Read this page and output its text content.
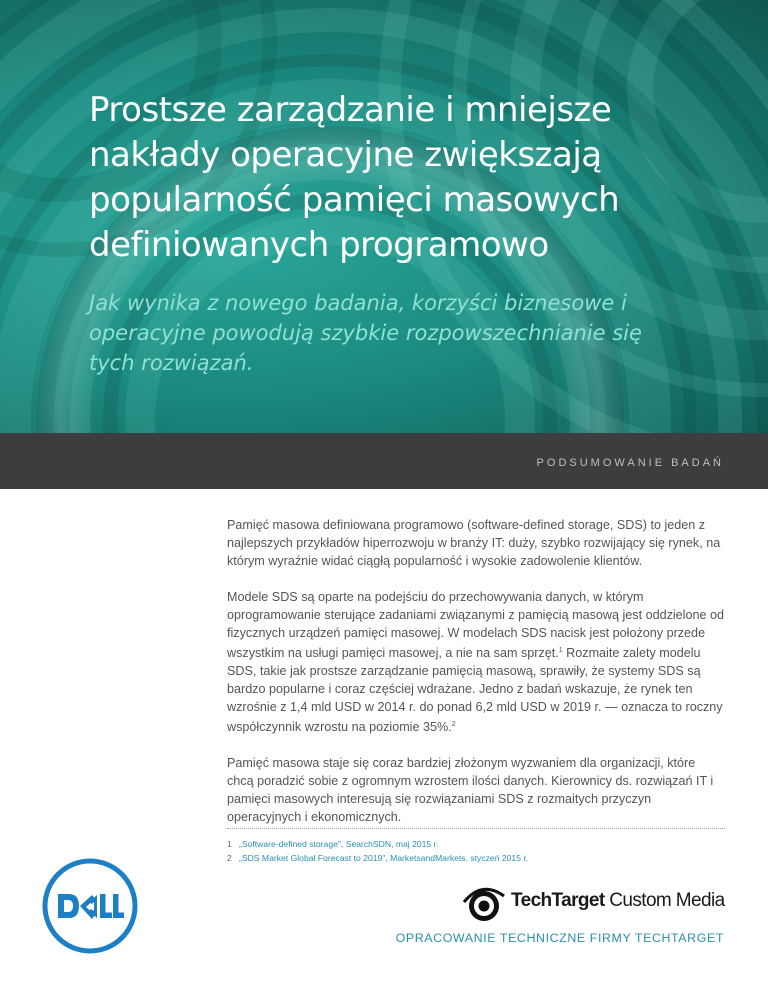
Prostsze zarządzanie i mniejsze nakłady operacyjne zwiększają popularność pamięci masowych definiowanych programowo

Jak wynika z nowego badania, korzyści biznesowe i operacyjne powodują szybkie rozpowszechnianie się tych rozwiązań.

PODSUMOWANIE BADAŃ

Pamięć masowa definiowana programowo (software-defined storage, SDS) to jeden z najlepszych przykładów hiperrozwoju w branży IT: duży, szybko rozwijający się rynek, na którym wyraźnie widać ciągłą popularność i wysokie zadowolenie klientów.

Modele SDS są oparte na podejściu do przechowywania danych, w którym oprogramowanie sterujące zadaniami związanymi z pamięcią masową jest oddzielone od fizycznych urządzeń pamięci masowej. W modelach SDS nacisk jest położony przede wszystkim na usługi pamięci masowej, a nie na sam sprzęt.$^1$ Rozmaite zalety modelu SDS, takie jak prostsze zarządzanie pamięcią masową, sprawiły, że systemy SDS są bardzo popularne i coraz częściej wdrażane. Jedno z badań wskazuje, że rynek ten wzrośnie z 1,4 mld USD w 2014 r. do ponad 6,2 mld USD w 2019 r. — oznacza to roczny współczynnik wzrostu na poziomie 35%.$^2$

Pamięć masowa staje się coraz bardziej złożonym wyzwaniem dla organizacji, które chcą poradzić sobie z ogromnym wzrostem ilości danych. Kierownicy ds. rozwiązań IT i pamięci masowych interesują się rozwiązaniami SDS z rozmaitych przyczyn operacyjnych i ekonomicznych.

1 „Software-defined storage", SearchSDN, maj 2015 r.
2 „SDS Market Global Forecast to 2019", MarketsandMarkets, styczeń 2015 r.
TechTarget Custom Media
OPRACOWANIE TECHNICZNE FIRMY TECHTARGET
